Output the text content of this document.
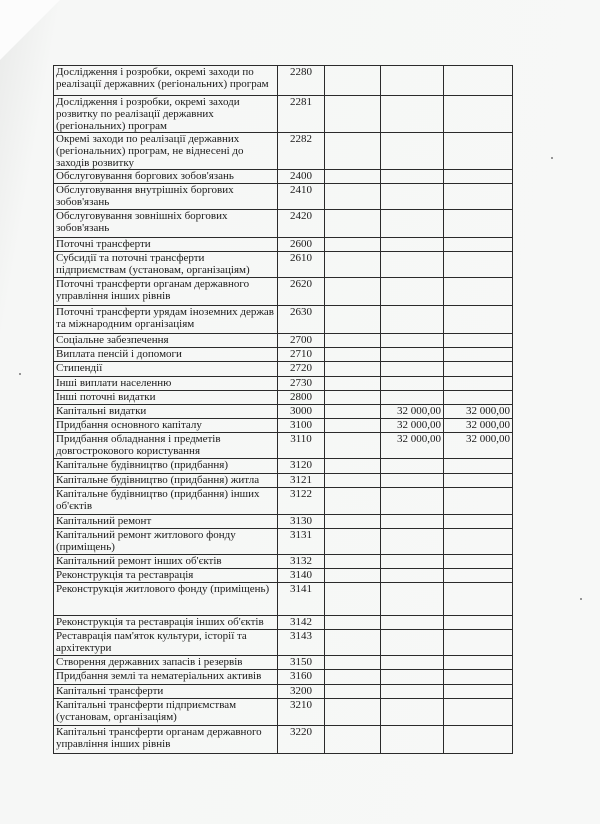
Дослідження і розробки, окремі заходи по реалізації державних (регіональних) програм	2280			
Дослідження і розробки, окремі заходи розвитку по реалізації державних (регіональних) програм	2281			
Окремі заходи по реалізації державних (регіональних) програм, не віднесені до заходів розвитку	2282			
Обслуговування боргових зобов'язань	2400			
Обслуговування внутрішніх боргових зобов'язань	2410			
Обслуговування зовнішніх боргових зобов'язань	2420			
Поточні трансферти	2600			
Субсидії та поточні трансферти підприємствам (установам, організаціям)	2610			
Поточні трансферти органам державного управління інших рівнів	2620			
Поточні трансферти урядам іноземних держав та міжнародним організаціям	2630			
Соціальне забезпечення	2700			
Виплата пенсій і допомоги	2710			
Стипендії	2720			
Інші виплати населенню	2730			
Інші поточні видатки	2800			
Капітальні видатки	3000		32 000,00	32 000,00
Придбання основного капіталу	3100		32 000,00	32 000,00
Придбання обладнання і предметів довгострокового користування	3110		32 000,00	32 000,00
Капітальне будівництво (придбання)	3120			
Капітальне будівництво (придбання) житла	3121			
Капітальне будівництво (придбання) інших об'єктів	3122			
Капітальний ремонт	3130			
Капітальний ремонт житлового фонду (приміщень)	3131			
Капітальний ремонт інших об'єктів	3132			
Реконструкція та реставрація	3140			
Реконструкція житлового фонду (приміщень)	3141			
Реконструкція та реставрація інших об'єктів	3142			
Реставрація пам'яток культури, історії та архітектури	3143			
Створення державних запасів і резервів	3150			
Придбання землі та нематеріальних активів	3160			
Капітальні трансферти	3200			
Капітальні трансферти підприємствам (установам, організаціям)	3210			
Капітальні трансферти органам державного управління інших рівнів	3220			
